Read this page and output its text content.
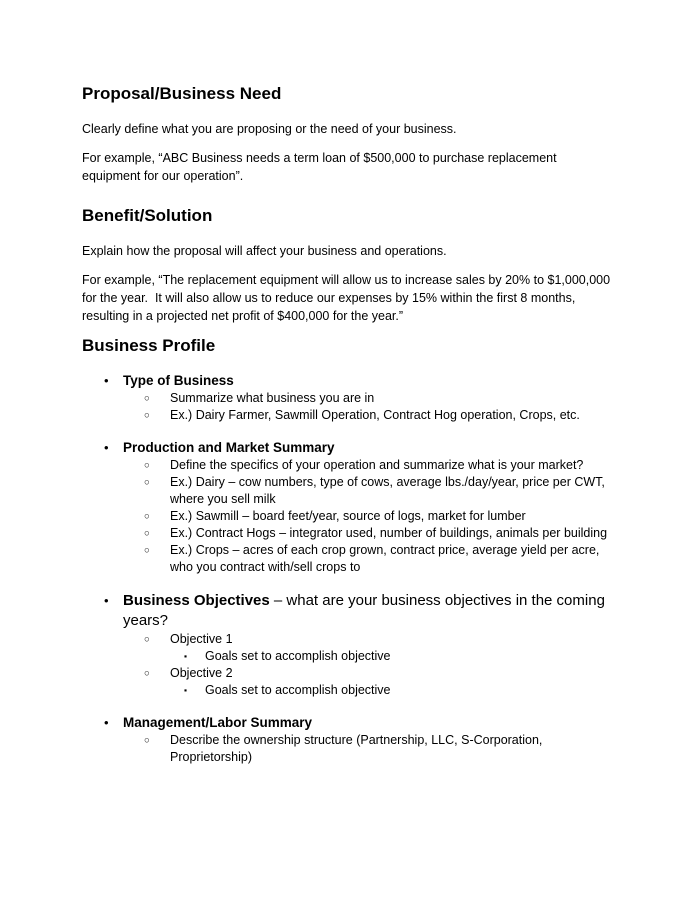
Proposal/Business Need

Clearly define what you are proposing or the need of your business.

For example, “ABC Business needs a term loan of $500,000 to purchase replacement equipment for our operation”.

Benefit/Solution

Explain how the proposal will affect your business and operations.

For example, “The replacement equipment will allow us to increase sales by 20% to $1,000,000 for the year.  It will also allow us to reduce our expenses by 15% within the first 8 months, resulting in a projected net profit of $400,000 for the year.”

Business Profile
•	Type of Business
○	Summarize what business you are in
○	Ex.) Dairy Farmer, Sawmill Operation, Contract Hog operation, Crops, etc.
•	Production and Market Summary
○	Define the specifics of your operation and summarize what is your market?
○	Ex.) Dairy – cow numbers, type of cows, average lbs./day/year, price per CWT, where you sell milk
○	Ex.) Sawmill – board feet/year, source of logs, market for lumber
○	Ex.) Contract Hogs – integrator used, number of buildings, animals per building
○	Ex.) Crops – acres of each crop grown, contract price, average yield per acre, who you contract with/sell crops to
• Business Objectives – what are your business objectives in the coming years?
○	Objective 1
▪	Goals set to accomplish objective
○	Objective 2
▪	Goals set to accomplish objective
•	Management/Labor Summary
○	Describe the ownership structure (Partnership, LLC, S-Corporation, Proprietorship)
